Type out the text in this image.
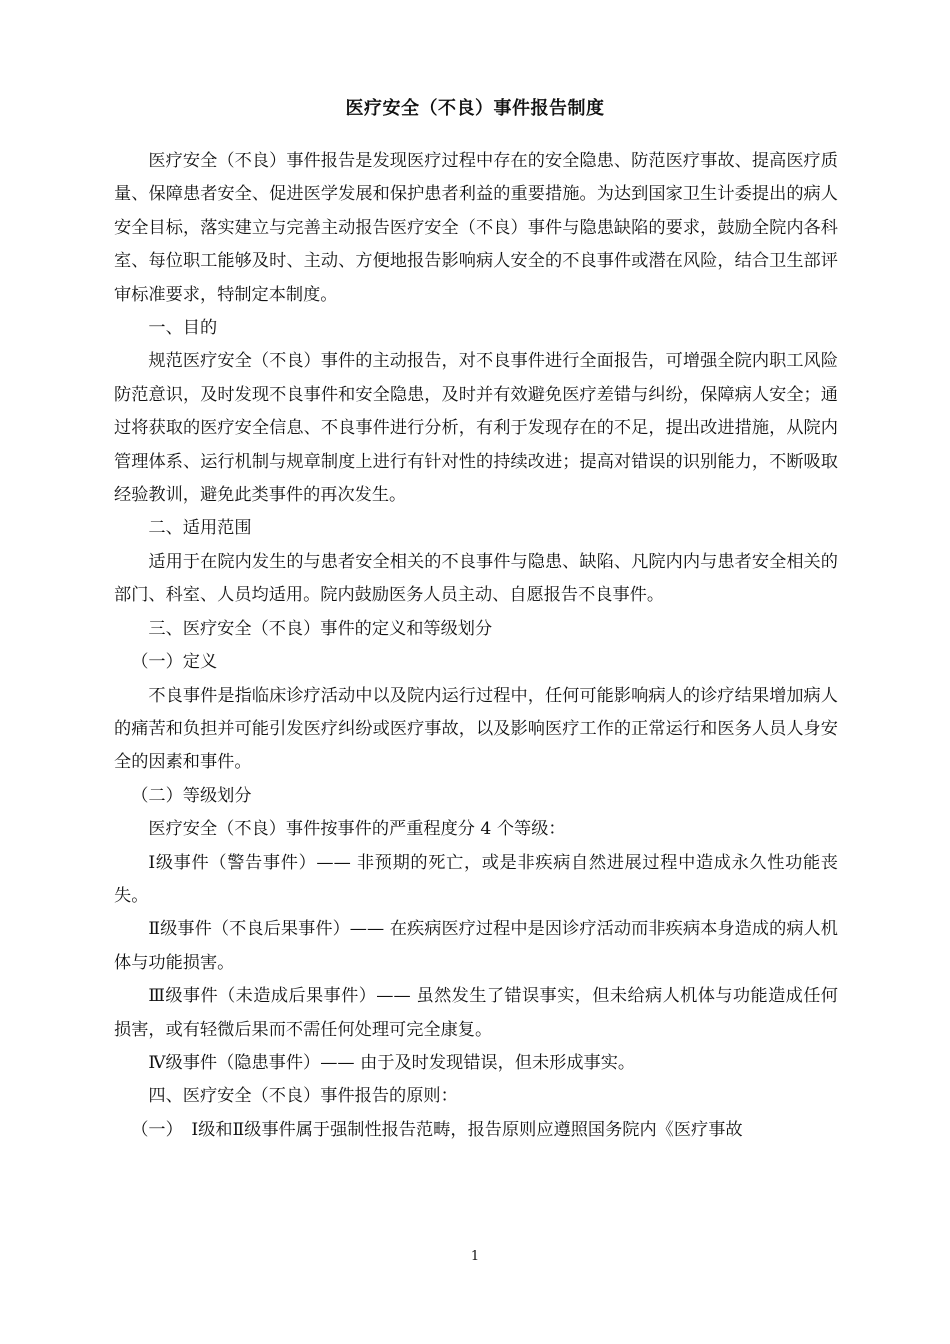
医疗安全（不良）事件报告制度

医疗安全（不良）事件报告是发现医疗过程中存在的安全隐患、防范医疗事故、提高医疗质量、保障患者安全、促进医学发展和保护患者利益的重要措施。为达到国家卫生计委提出的病人安全目标，落实建立与完善主动报告医疗安全（不良）事件与隐患缺陷的要求，鼓励全院内各科室、每位职工能够及时、主动、方便地报告影响病人安全的不良事件或潜在风险，结合卫生部评审标准要求，特制定本制度。

一、目的

规范医疗安全（不良）事件的主动报告，对不良事件进行全面报告，可增强全院内职工风险防范意识，及时发现不良事件和安全隐患，及时并有效避免医疗差错与纠纷，保障病人安全；通过将获取的医疗安全信息、不良事件进行分析，有利于发现存在的不足，提出改进措施，从院内管理体系、运行机制与规章制度上进行有针对性的持续改进；提高对错误的识别能力，不断吸取经验教训，避免此类事件的再次发生。

二、适用范围

适用于在院内发生的与患者安全相关的不良事件与隐患、缺陷、凡院内内与患者安全相关的部门、科室、人员均适用。院内鼓励医务人员主动、自愿报告不良事件。

三、医疗安全（不良）事件的定义和等级划分

（一）定义

不良事件是指临床诊疗活动中以及院内运行过程中，任何可能影响病人的诊疗结果增加病人的痛苦和负担并可能引发医疗纠纷或医疗事故，以及影响医疗工作的正常运行和医务人员人身安全的因素和事件。

（二）等级划分

医疗安全（不良）事件按事件的严重程度分 4 个等级：

Ⅰ级事件（警告事件）—— 非预期的死亡，或是非疾病自然进展过程中造成永久性功能丧失。

Ⅱ级事件（不良后果事件）—— 在疾病医疗过程中是因诊疗活动而非疾病本身造成的病人机体与功能损害。

Ⅲ级事件（未造成后果事件）—— 虽然发生了错误事实，但未给病人机体与功能造成任何损害，或有轻微后果而不需任何处理可完全康复。

Ⅳ级事件（隐患事件）—— 由于及时发现错误，但未形成事实。

四、医疗安全（不良）事件报告的原则：

（一）　Ⅰ级和Ⅱ级事件属于强制性报告范畴，报告原则应遵照国务院内《医疗事故

1
